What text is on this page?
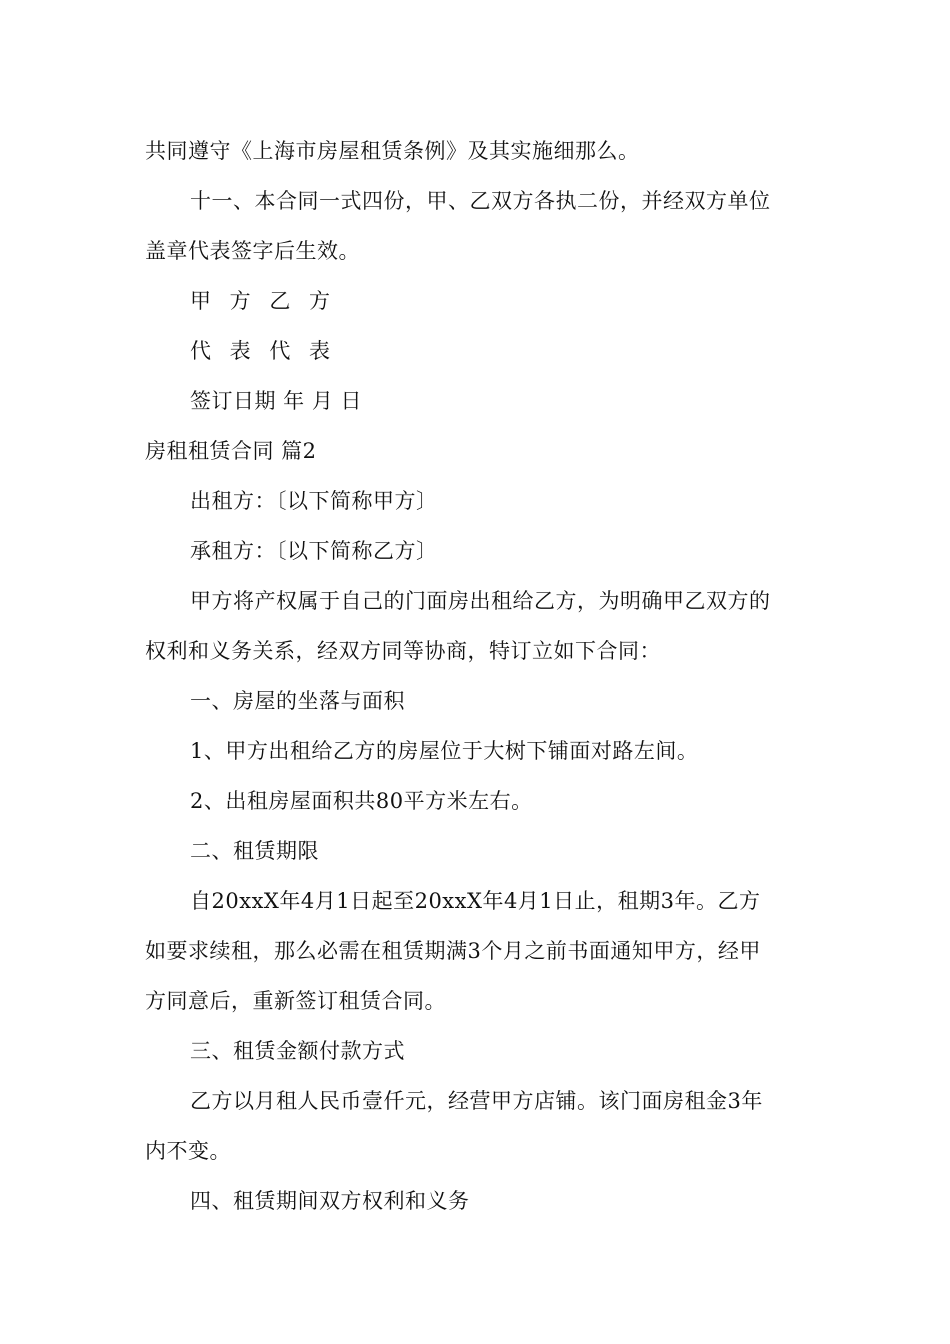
共同遵守《上海市房屋租赁条例》及其实施细那么。
十一、本合同一式四份，甲、乙双方各执二份，并经双方单位
盖章代表签字后生效。
甲 方 乙 方
代 表 代 表
签订日期 年 月 日
房租租赁合同 篇2
出租方：〔以下简称甲方〕
承租方：〔以下简称乙方〕
甲方将产权属于自己的门面房出租给乙方，为明确甲乙双方的
权利和义务关系，经双方同等协商，特订立如下合同：
一、房屋的坐落与面积
1、甲方出租给乙方的房屋位于大树下铺面对路左间。
2、出租房屋面积共80平方米左右。
二、租赁期限
自20xxX年4月1日起至20xxX年4月1日止，租期3年。乙方
如要求续租，那么必需在租赁期满3个月之前书面通知甲方，经甲
方同意后，重新签订租赁合同。
三、租赁金额付款方式
乙方以月租人民币壹仟元，经营甲方店铺。该门面房租金3年
内不变。
四、租赁期间双方权利和义务
